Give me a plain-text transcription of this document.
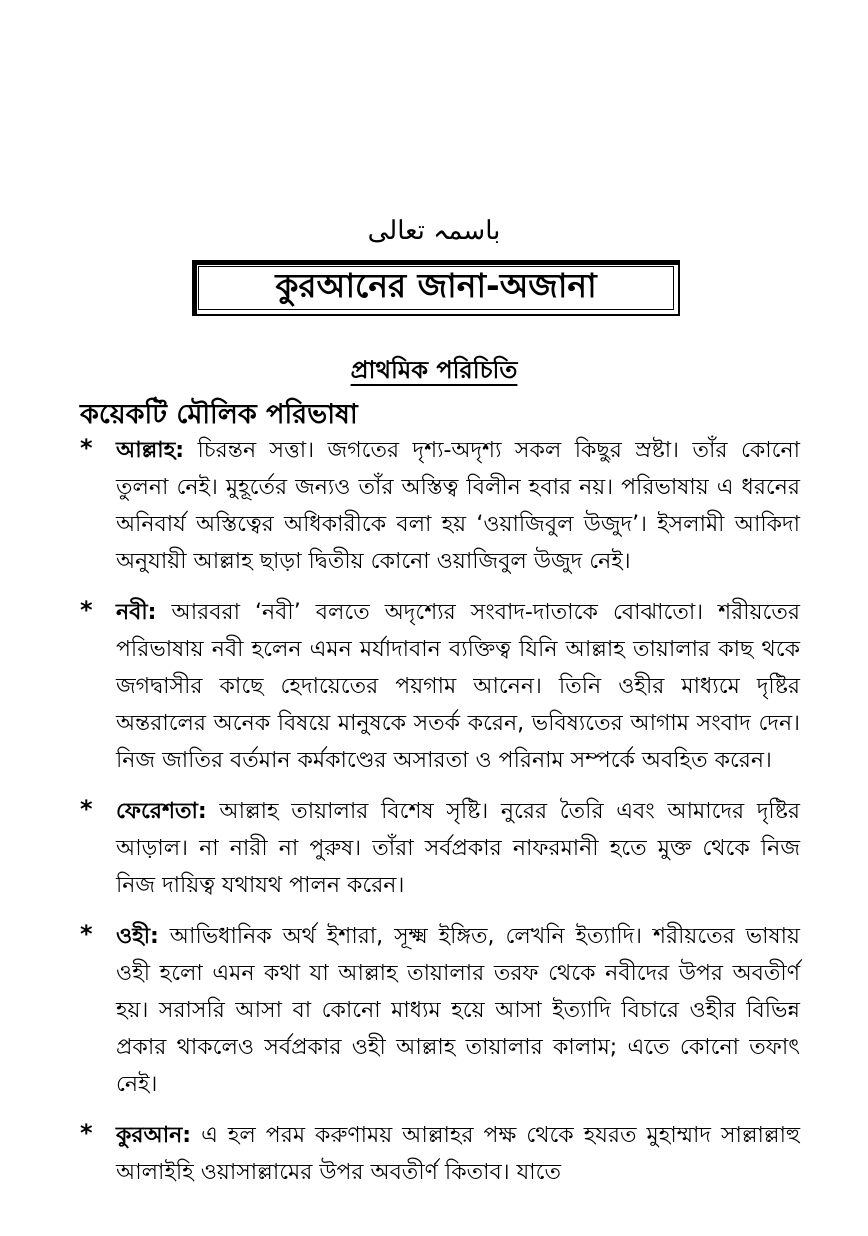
باسمہ تعالی
কুরআনের জানা-অজানা
প্রাথমিক পরিচিতি
কয়েকটি মৌলিক পরিভাষা
* আল্লাহ: চিরন্তন সত্তা। জগতের দৃশ্য-অদৃশ্য সকল কিছুর স্রষ্টা। তাঁর কোনো তুলনা নেই। মুহূর্তের জন্যও তাঁর অস্তিত্ব বিলীন হবার নয়। পরিভাষায় এ ধরনের অনিবার্য অস্তিত্বের অধিকারীকে বলা হয় ‘ওয়াজিবুল উজুদ’। ইসলামী আকিদা অনুযায়ী আল্লাহ ছাড়া দ্বিতীয় কোনো ওয়াজিবুল উজুদ নেই।
* নবী: আরবরা ‘নবী’ বলতে অদৃশ্যের সংবাদ-দাতাকে বোঝাতো। শরীয়তের পরিভাষায় নবী হলেন এমন মর্যাদাবান ব্যক্তিত্ব যিনি আল্লাহ তায়ালার কাছ থকে জগদ্বাসীর কাছে হেদায়েতের পয়গাম আনেন। তিনি ওহীর মাধ্যমে দৃষ্টির অন্তরালের অনেক বিষয়ে মানুষকে সতর্ক করেন, ভবিষ্যতের আগাম সংবাদ দেন। নিজ জাতির বর্তমান কর্মকাণ্ডের অসারতা ও পরিনাম সম্পর্কে অবহিত করেন।
* ফেরেশতা: আল্লাহ তায়ালার বিশেষ সৃষ্টি। নুরের তৈরি এবং আমাদের দৃষ্টির আড়াল। না নারী না পুরুষ। তাঁরা সর্বপ্রকার নাফরমানী হতে মুক্ত থেকে নিজ নিজ দায়িত্ব যথাযথ পালন করেন।
* ওহী: আভিধানিক অর্থ ইশারা, সূক্ষ্ম ইঙ্গিত, লেখনি ইত্যাদি। শরীয়তের ভাষায় ওহী হলো এমন কথা যা আল্লাহ তায়ালার তরফ থেকে নবীদের উপর অবতীর্ণ হয়। সরাসরি আসা বা কোনো মাধ্যম হয়ে আসা ইত্যাদি বিচারে ওহীর বিভিন্ন প্রকার থাকলেও সর্বপ্রকার ওহী আল্লাহ তায়ালার কালাম; এতে কোনো তফাৎ নেই।
* কুরআন: এ হল পরম করুণাময় আল্লাহর পক্ষ থেকে হযরত মুহাম্মাদ সাল্লাল্লাহু আলাইহি ওয়াসাল্লামের উপর অবতীর্ণ কিতাব। যাতে
